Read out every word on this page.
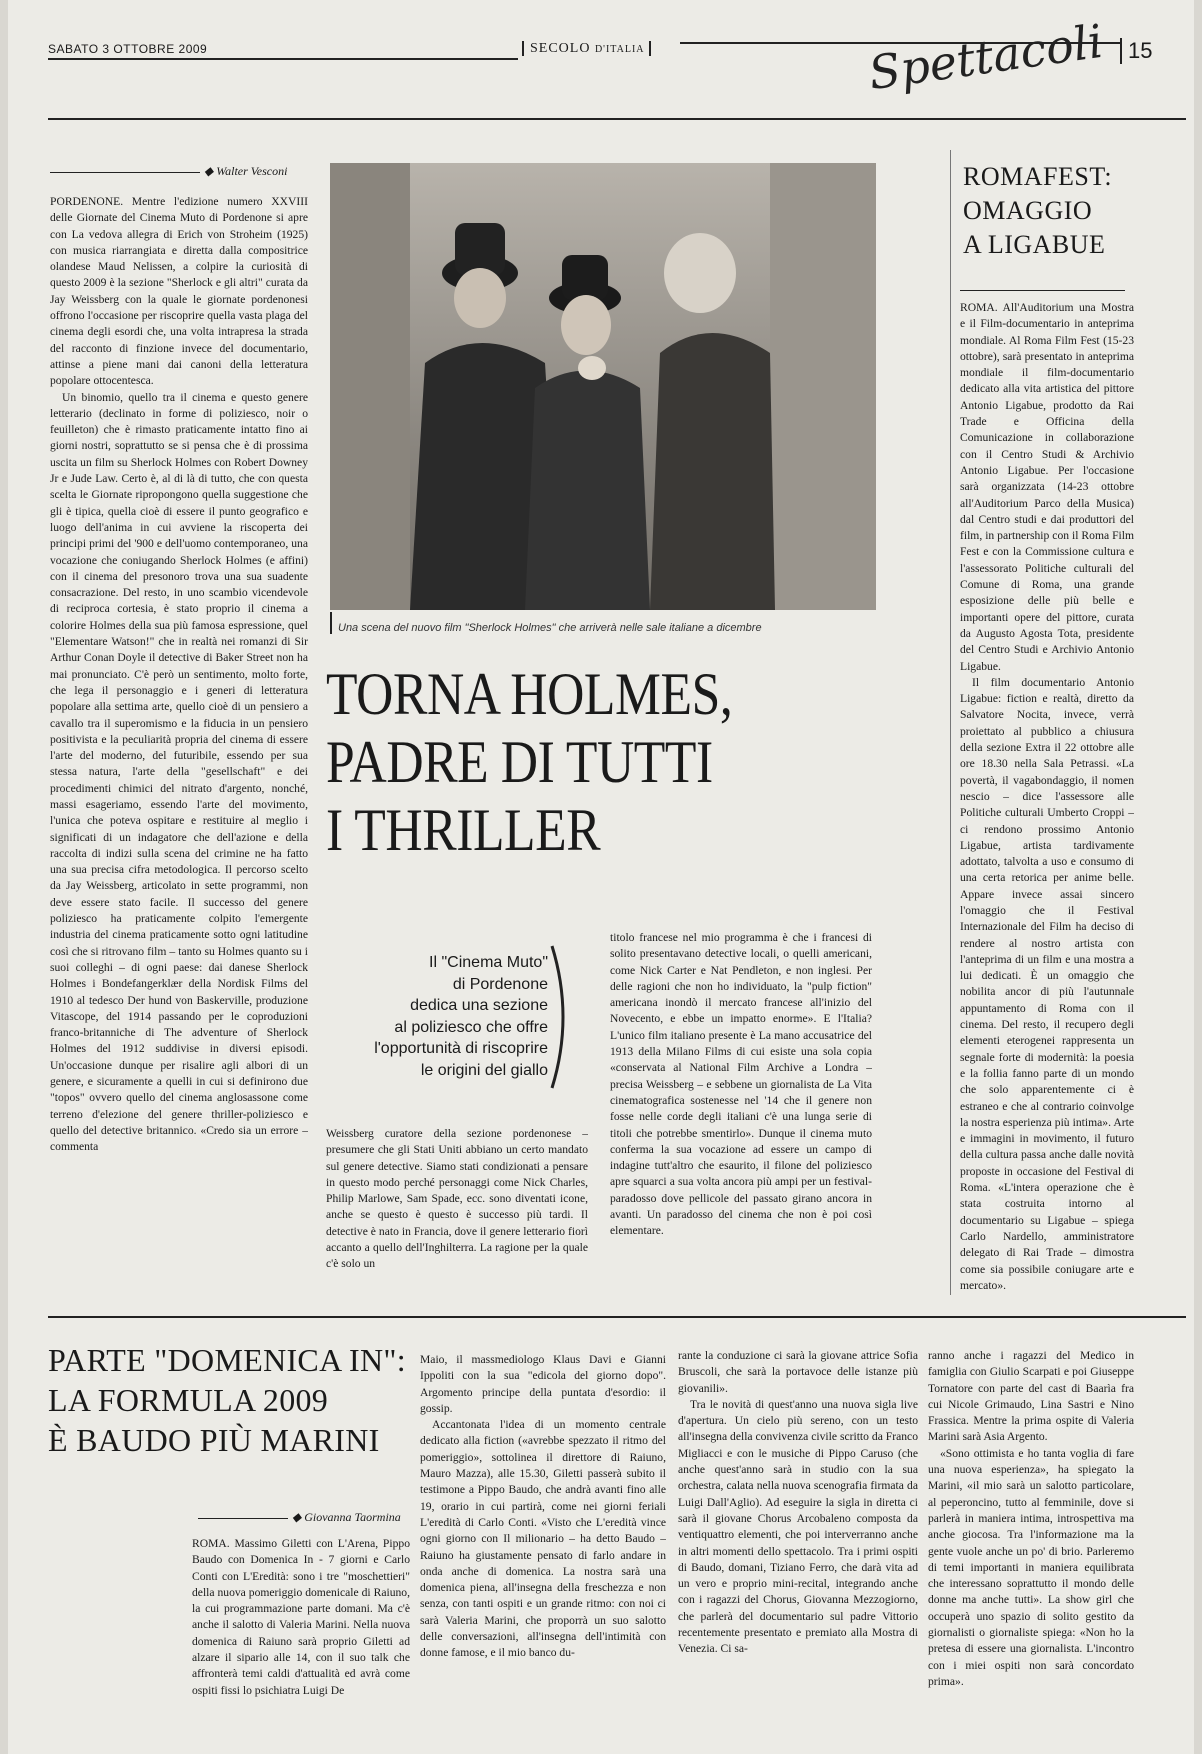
SABATO 3 OTTOBRE 2009	SECOLO D'ITALIA	Spettacoli 15
◆ Walter Vesconi

PORDENONE. Mentre l'edizione numero XXVIII delle Giornate del Cinema Muto di Pordenone si apre con La vedova allegra di Erich von Stroheim (1925) con musica riarrangiata e diretta dalla compositrice olandese Maud Nelissen, a colpire la curiosità di questo 2009 è la sezione "Sherlock e gli altri" curata da Jay Weissberg con la quale le giornate pordenonesi offrono l'occasione per riscoprire quella vasta plaga del cinema degli esordi che, una volta intrapresa la strada del racconto di finzione invece del documentario, attinse a piene mani dai canoni della letteratura popolare ottocentesca.

Un binomio, quello tra il cinema e questo genere letterario (declinato in forme di poliziesco, noir o feuilleton) che è rimasto praticamente intatto fino ai giorni nostri, soprattutto se si pensa che è di prossima uscita un film su Sherlock Holmes con Robert Downey Jr e Jude Law. Certo è, al di là di tutto, che con questa scelta le Giornate ripropongono quella suggestione che gli è tipica, quella cioè di essere il punto geografico e luogo dell'anima in cui avviene la riscoperta dei principi primi del '900 e dell'uomo contemporaneo, una vocazione che coniugando Sherlock Holmes (e affini) con il cinema del presonoro trova una sua suadente consacrazione. Del resto, in uno scambio vicendevole di reciproca cortesia, è stato proprio il cinema a colorire Holmes della sua più famosa espressione, quel "Elementare Watson!" che in realtà nei romanzi di Sir Arthur Conan Doyle il detective di Baker Street non ha mai pronunciato. C'è però un sentimento, molto forte, che lega il personaggio e i generi di letteratura popolare alla settima arte, quello cioè di un pensiero a cavallo tra il superomismo e la fiducia in un pensiero positivista e la peculiarità propria del cinema di essere l'arte del moderno, del futuribile, essendo per sua stessa natura, l'arte della "gesellschaft" e dei procedimenti chimici del nitrato d'argento, nonché, massi esageriamo, essendo l'arte del movimento, l'unica che poteva ospitare e restituire al meglio i significati di un indagatore che dell'azione e della raccolta di indizi sulla scena del crimine ne ha fatto una sua precisa cifra metodologica. Il percorso scelto da Jay Weissberg, articolato in sette programmi, non deve essere stato facile. Il successo del genere poliziesco ha praticamente colpito l'emergente industria del cinema praticamente sotto ogni latitudine così che si ritrovano film – tanto su Holmes quanto su i suoi colleghi – di ogni paese: dai danese Sherlock Holmes i Bondefangerklær della Nordisk Films del 1910 al tedesco Der hund von Baskerville, produzione Vitascope, del 1914 passando per le coproduzioni franco-britanniche di The adventure of Sherlock Holmes del 1912 suddivise in diversi episodi. Un'occasione dunque per risalire agli albori di un genere, e sicuramente a quelli in cui si definirono due "topos" ovvero quello del cinema anglosassone come terreno d'elezione del genere thriller-poliziesco e quello del detective britannico. «Credo sia un errore – commenta

Una scena del nuovo film "Sherlock Holmes" che arriverà nelle sale italiane a dicembre
TORNA HOLMES,
PADRE DI TUTTI
I THRILLER
Il "Cinema Muto"
di Pordenone
dedica una sezione
al poliziesco che offre
l'opportunità di riscoprire
le origini del giallo

Weissberg curatore della sezione pordenonese – presumere che gli Stati Uniti abbiano un certo mandato sul genere detective. Siamo stati condizionati a pensare in questo modo perché personaggi come Nick Charles, Philip Marlowe, Sam Spade, ecc. sono diventati icone, anche se questo è questo è successo più tardi. Il detective è nato in Francia, dove il genere letterario fiorì accanto a quello dell'Inghilterra. La ragione per la quale c'è solo un

titolo francese nel mio programma è che i francesi di solito presentavano detective locali, o quelli americani, come Nick Carter e Nat Pendleton, e non inglesi. Per delle ragioni che non ho individuato, la "pulp fiction" americana inondò il mercato francese all'inizio del Novecento, e ebbe un impatto enorme». E l'Italia? L'unico film italiano presente è La mano accusatrice del 1913 della Milano Films di cui esiste una sola copia «conservata al National Film Archive a Londra – precisa Weissberg – e sebbene un giornalista de La Vita cinematografica sostenesse nel '14 che il genere non fosse nelle corde degli italiani c'è una lunga serie di titoli che potrebbe smentirlo». Dunque il cinema muto conferma la sua vocazione ad essere un campo di indagine tutt'altro che esaurito, il filone del poliziesco apre squarci a sua volta ancora più ampi per un festival-paradosso dove pellicole del passato girano ancora in avanti. Un paradosso del cinema che non è poi così elementare.

ROMAFEST:
OMAGGIO
A LIGABUE

ROMA. All'Auditorium una Mostra e il Film-documentario in anteprima mondiale. Al Roma Film Fest (15-23 ottobre), sarà presentato in anteprima mondiale il film-documentario dedicato alla vita artistica del pittore Antonio Ligabue, prodotto da Rai Trade e Officina della Comunicazione in collaborazione con il Centro Studi & Archivio Antonio Ligabue. Per l'occasione sarà organizzata (14-23 ottobre all'Auditorium Parco della Musica) dal Centro studi e dai produttori del film, in partnership con il Roma Film Fest e con la Commissione cultura e l'assessorato Politiche culturali del Comune di Roma, una grande esposizione delle più belle e importanti opere del pittore, curata da Augusto Agosta Tota, presidente del Centro Studi e Archivio Antonio Ligabue.

Il film documentario Antonio Ligabue: fiction e realtà, diretto da Salvatore Nocita, invece, verrà proiettato al pubblico a chiusura della sezione Extra il 22 ottobre alle ore 18.30 nella Sala Petrassi. «La povertà, il vagabondaggio, il nomen nescio – dice l'assessore alle Politiche culturali Umberto Croppi – ci rendono prossimo Antonio Ligabue, artista tardivamente adottato, talvolta a uso e consumo di una certa retorica per anime belle. Appare invece assai sincero l'omaggio che il Festival Internazionale del Film ha deciso di rendere al nostro artista con l'anteprima di un film e una mostra a lui dedicati. È un omaggio che nobilita ancor di più l'autunnale appuntamento di Roma con il cinema. Del resto, il recupero degli elementi eterogenei rappresenta un segnale forte di modernità: la poesia e la follia fanno parte di un mondo che solo apparentemente ci è estraneo e che al contrario coinvolge la nostra esperienza più intima». Arte e immagini in movimento, il futuro della cultura passa anche dalle novità proposte in occasione del Festival di Roma. «L'intera operazione che è stata costruita intorno al documentario su Ligabue – spiega Carlo Nardello, amministratore delegato di Rai Trade – dimostra come sia possibile coniugare arte e mercato».

PARTE "DOMENICA IN":
LA FORMULA 2009
È BAUDO PIÙ MARINI
◆ Giovanna Taormina

ROMA. Massimo Giletti con L'Arena, Pippo Baudo con Domenica In - 7 giorni e Carlo Conti con L'Eredità: sono i tre "moschettieri" della nuova pomeriggio domenicale di Raiuno, la cui programmazione parte domani. Ma c'è anche il salotto di Valeria Marini. Nella nuova domenica di Raiuno sarà proprio Giletti ad alzare il sipario alle 14, con il suo talk che affronterà temi caldi d'attualità ed avrà come ospiti fissi lo psichiatra Luigi De

Maio, il massmediologo Klaus Davi e Gianni Ippoliti con la sua "edicola del giorno dopo". Argomento principe della puntata d'esordio: il gossip.

Accantonata l'idea di un momento centrale dedicato alla fiction («avrebbe spezzato il ritmo del pomeriggio», sottolinea il direttore di Raiuno, Mauro Mazza), alle 15.30, Giletti passerà subito il testimone a Pippo Baudo, che andrà avanti fino alle 19, orario in cui partirà, come nei giorni feriali L'eredità di Carlo Conti. «Visto che L'eredità vince ogni giorno con Il milionario – ha detto Baudo – Raiuno ha giustamente pensato di farlo andare in onda anche di domenica. La nostra sarà una domenica piena, all'insegna della freschezza e non senza, con tanti ospiti e un grande ritmo: con noi ci sarà Valeria Marini, che proporrà un suo salotto delle conversazioni, all'insegna dell'intimità con donne famose, e il mio banco du-

rante la conduzione ci sarà la giovane attrice Sofia Bruscoli, che sarà la portavoce delle istanze più giovanili».

Tra le novità di quest'anno una nuova sigla live d'apertura. Un cielo più sereno, con un testo all'insegna della convivenza civile scritto da Franco Migliacci e con le musiche di Pippo Caruso (che anche quest'anno sarà in studio con la sua orchestra, calata nella nuova scenografia firmata da Luigi Dall'Aglio). Ad eseguire la sigla in diretta ci sarà il giovane Chorus Arcobaleno composta da ventiquattro elementi, che poi interverranno anche in altri momenti dello spettacolo. Tra i primi ospiti di Baudo, domani, Tiziano Ferro, che darà vita ad un vero e proprio mini-recital, integrando anche con i ragazzi del Chorus, Giovanna Mezzogiorno, che parlerà del documentario sul padre Vittorio recentemente presentato e premiato alla Mostra di Venezia. Ci sa-

ranno anche i ragazzi del Medico in famiglia con Giulio Scarpati e poi Giuseppe Tornatore con parte del cast di Baarìa fra cui Nicole Grimaudo, Lina Sastri e Nino Frassica. Mentre la prima ospite di Valeria Marini sarà Asia Argento.

«Sono ottimista e ho tanta voglia di fare una nuova esperienza», ha spiegato la Marini, «il mio sarà un salotto particolare, al peperoncino, tutto al femminile, dove si parlerà in maniera intima, introspettiva ma anche giocosa. Tra l'informazione ma la gente vuole anche un po' di brio. Parleremo di temi importanti in maniera equilibrata che interessano soprattutto il mondo delle donne ma anche tutti». La show girl che occuperà uno spazio di solito gestito da giornalisti o giornaliste spiega: «Non ho la pretesa di essere una giornalista. L'incontro con i miei ospiti non sarà concordato prima».
